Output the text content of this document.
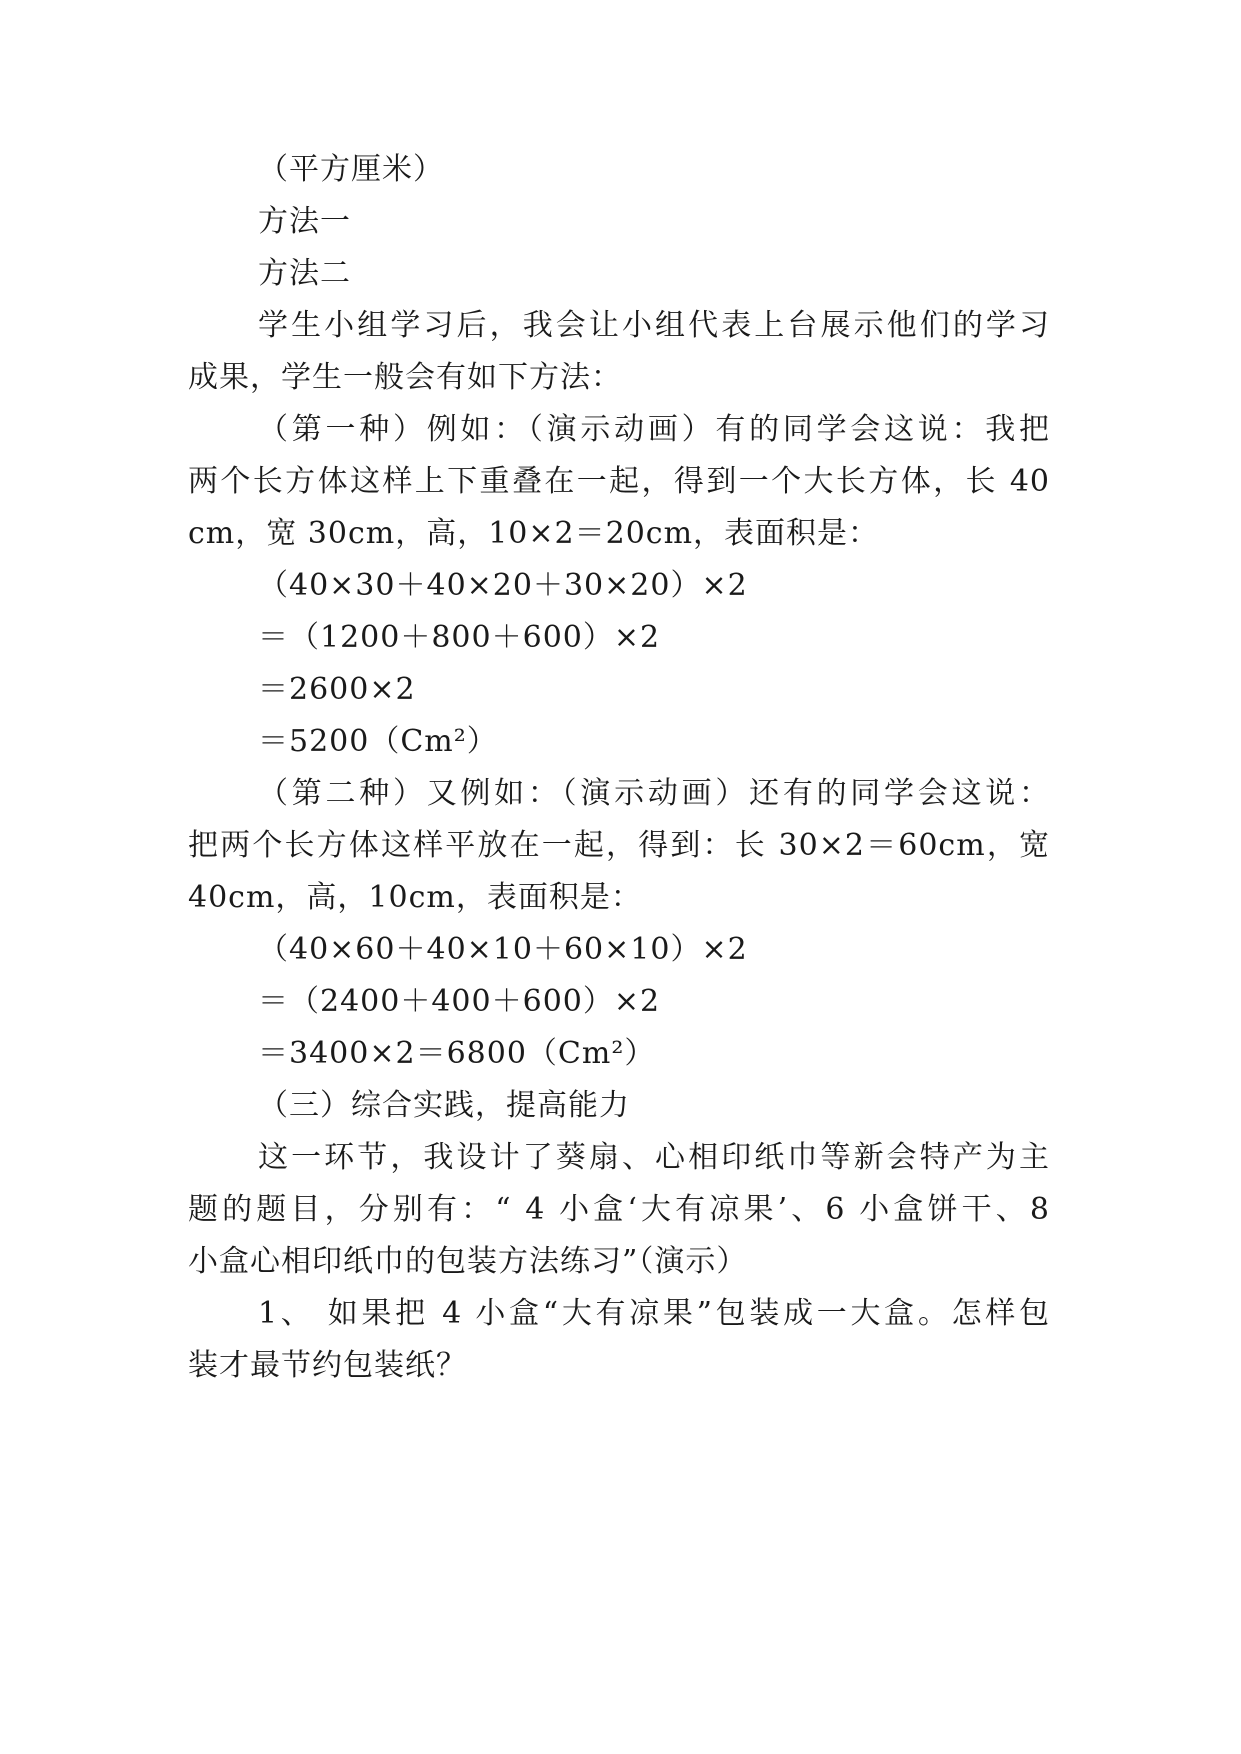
（平方厘米）
方法一
方法二
学生小组学习后，我会让小组代表上台展示他们的学习
成果，学生一般会有如下方法：
（第一种）例如：（演示动画）有的同学会这说：我把
两个长方体这样上下重叠在一起，得到一个大长方体，长 40
cm，宽 30cm，高，10×2＝20cm，表面积是：
（40×30＋40×20＋30×20）×2
＝（1200＋800＋600）×2
＝2600×2
＝5200（Cm²）
（第二种）又例如：（演示动画）还有的同学会这说：
把两个长方体这样平放在一起，得到：长 30×2＝60cm，宽
40cm，高，10cm，表面积是：
（40×60＋40×10＋60×10）×2
＝（2400＋400＋600）×2
＝3400×2＝6800（Cm²）
（三）综合实践，提高能力
这一环节，我设计了葵扇、心相印纸巾等新会特产为主
题的题目，分别有：“ 4 小盒‘大有凉果’、6 小盒饼干、8
小盒心相印纸巾的包装方法练习”（演示）
1、 如果把 4 小盒“大有凉果”包装成一大盒。怎样包
装才最节约包装纸？
